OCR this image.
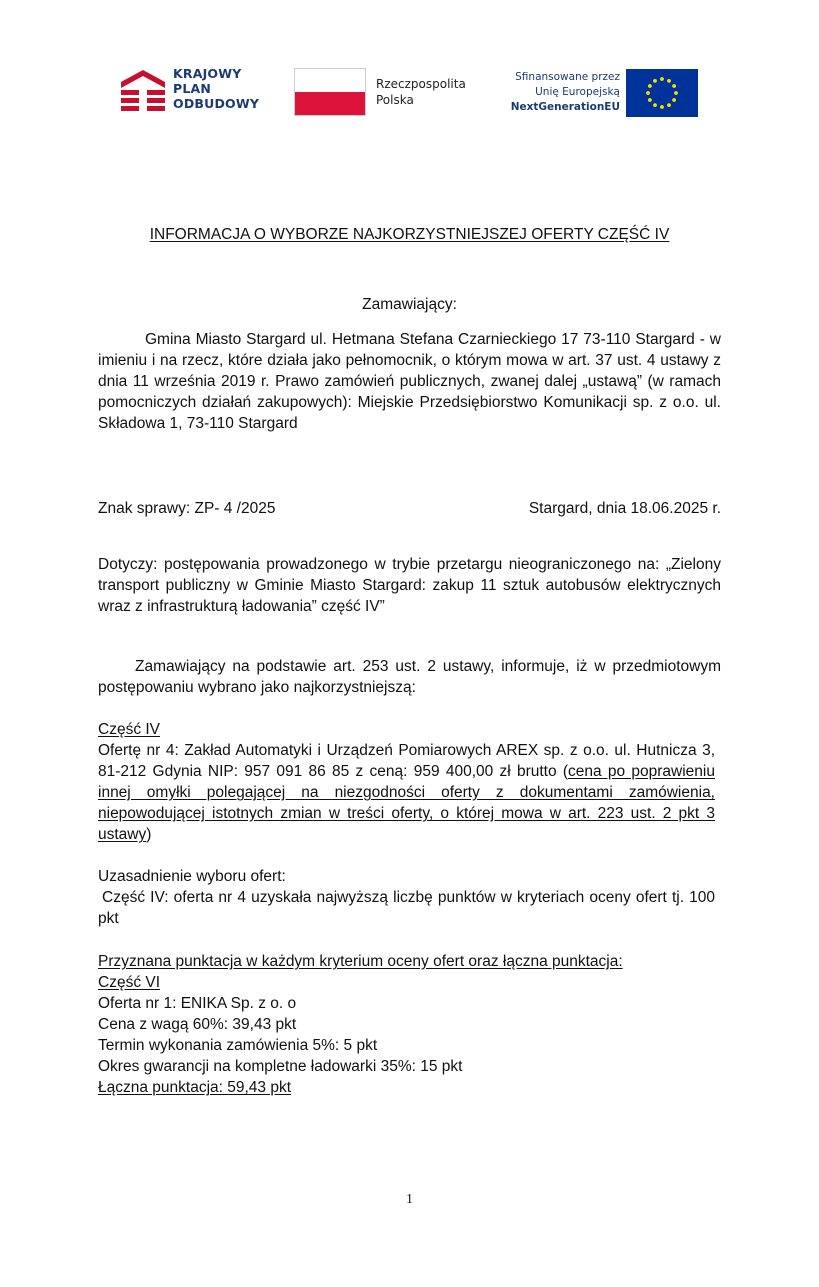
KRAJOWY
PLAN
ODBUDOWY
Rzeczpospolita
Polska
Sfinansowane przez
Unię Europejską
NextGenerationEU
INFORMACJA O WYBORZE NAJKORZYSTNIEJSZEJ OFERTY CZĘŚĆ IV
Zamawiający:
Gmina Miasto Stargard ul. Hetmana Stefana Czarnieckiego 17 73-110 Stargard - w imieniu i na rzecz, które działa jako pełnomocnik, o którym mowa w art. 37 ust. 4 ustawy z dnia 11 września 2019 r. Prawo zamówień publicznych, zwanej dalej „ustawą” (w ramach pomocniczych działań zakupowych): Miejskie Przedsiębiorstwo Komunikacji sp. z o.o. ul. Składowa 1, 73-110 Stargard
Znak sprawy: ZP- 4 /2025	Stargard, dnia 18.06.2025 r.
Dotyczy: postępowania prowadzonego w trybie przetargu nieograniczonego na: „Zielony transport publiczny w Gminie Miasto Stargard: zakup 11 sztuk autobusów elektrycznych wraz z infrastrukturą ładowania” część IV”
Zamawiający na podstawie art. 253 ust. 2 ustawy, informuje, iż w przedmiotowym postępowaniu wybrano jako najkorzystniejszą:
Część IV
Ofertę nr 4: Zakład Automatyki i Urządzeń Pomiarowych AREX sp. z o.o. ul. Hutnicza 3, 81-212 Gdynia NIP: 957 091 86 85 z ceną: 959 400,00 zł brutto (cena po poprawieniu innej omyłki polegającej na niezgodności oferty z dokumentami zamówienia, niepowodującej istotnych zmian w treści oferty, o której mowa w art. 223 ust. 2 pkt 3 ustawy)
Uzasadnienie wyboru ofert:
Część IV: oferta nr 4 uzyskała najwyższą liczbę punktów w kryteriach oceny ofert tj. 100 pkt
Przyznana punktacja w każdym kryterium oceny ofert oraz łączna punktacja:
Część VI
Oferta nr 1: ENIKA Sp. z o. o
Cena z wagą 60%: 39,43 pkt
Termin wykonania zamówienia 5%: 5 pkt
Okres gwarancji na kompletne ładowarki 35%: 15 pkt
Łączna punktacja: 59,43 pkt
1
